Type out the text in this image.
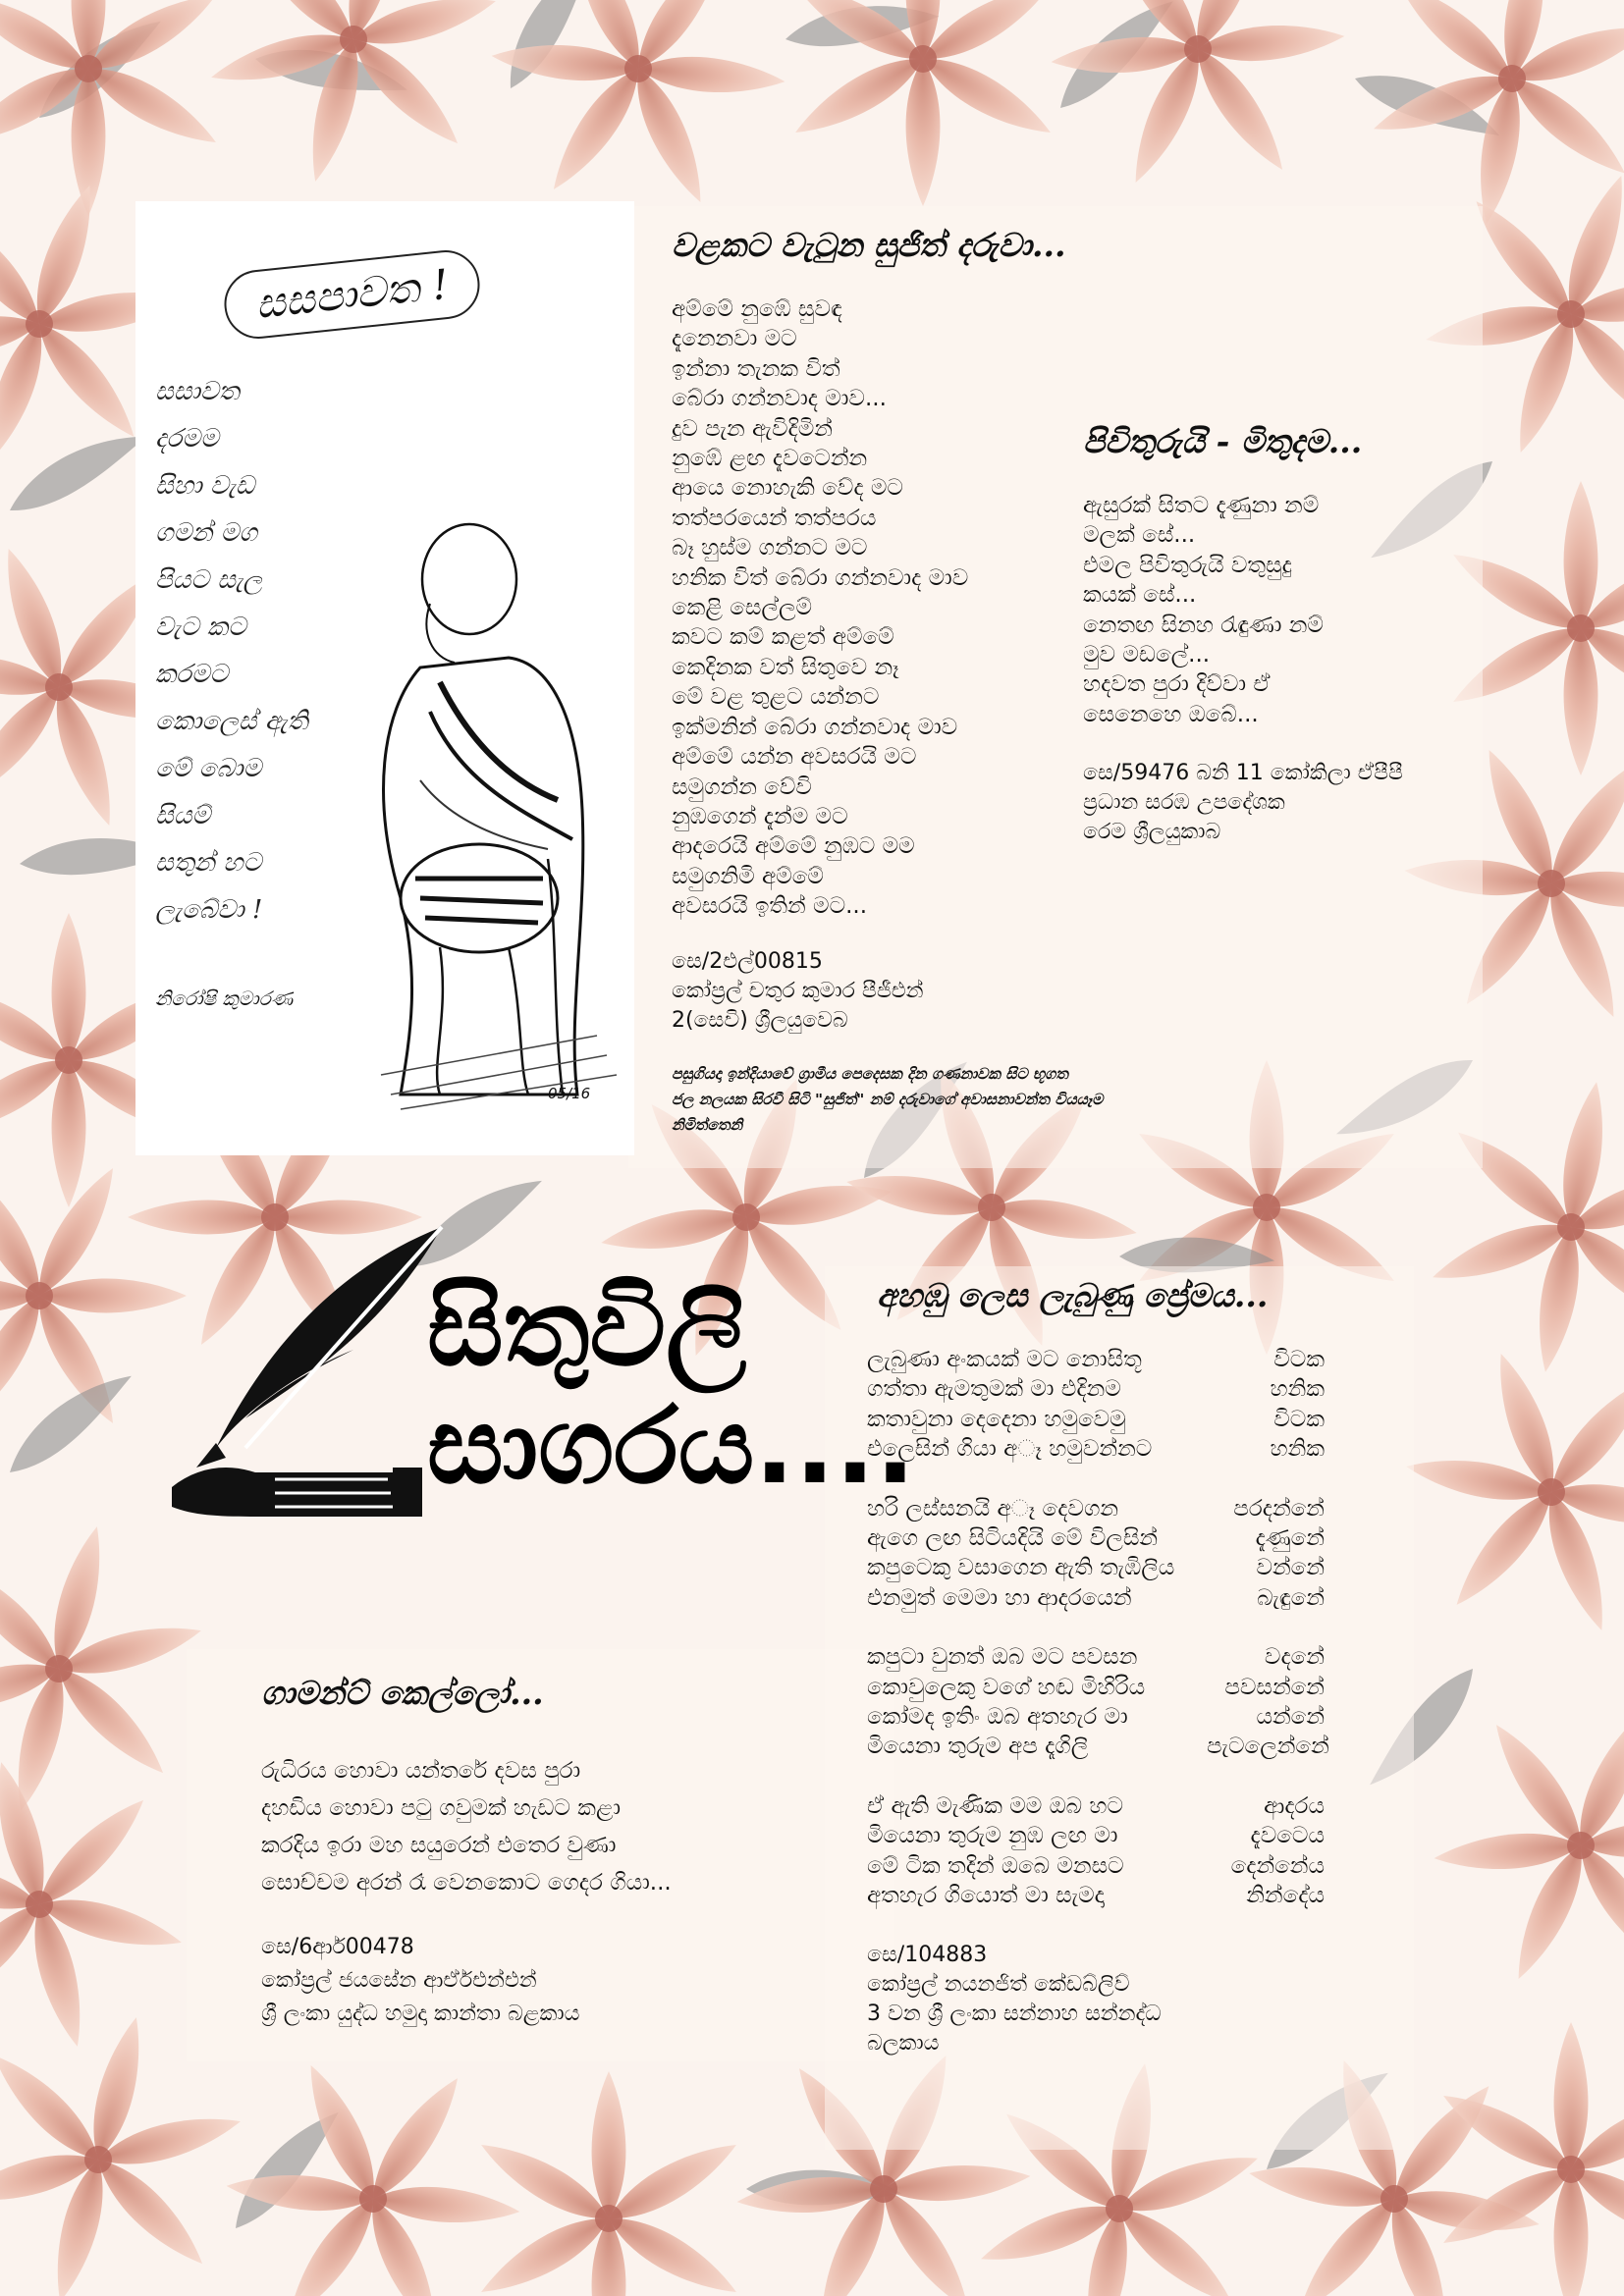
සසපාවත !
සසාවත
දරමම
සිහා වැඩ
ගමන් මග
පියට සැල
වැට කට
කරමට
කොලෙස් ඇති
මේ බොම
සියම්
සතුන් හට
ලැබේවා !
නිරෝෂි කුමාරණ
05/16
වළකට වැටුන සුජිත් දරුවා...
අම්මේ නුඹේ සුවඳ
දැනෙනවා මට
ඉන්නා තැනක විත්
බේරා ගන්නවාද මාව...
දුව පැන ඇවිදිමින්
නුඹේ ළඟ දැවටෙන්න
ආයෙ නොහැකි වේද මට
තත්පරයෙන් තත්පරය
බෑ හුස්ම ගන්නට මට
හනික විත් බේරා ගන්නවාද මාව
කෙළි සෙල්ලම්
කවට කම් කළත් අම්මේ
කෙදිනක වත් සිතුවෙ නෑ
මේ වළ තුළට යන්නට
ඉක්මනින් බේරා ගන්නවාද මාව
අම්මේ යන්න අවසරයි මට
සමුගන්න වේවි
නුඹගෙන් දැන්ම මට
ආදරෙයි අම්මේ නුඹට මම
සමුගනිමි අම්මේ
අවසරයි ඉතින් මට...
සෙ/2එල්00815
කෝප්‍රල් චතුර කුමාර පීජීඑන්
2(සෙවි) ශ්‍රීලයුවෙබ
පසුගියදා ඉන්දියාවේ ග්‍රාමීය පෙදෙසක දින ගණනාවක සිට භූගත
ජල නලයක සිරවී සිටි "සුජිත්" නම් දරුවාගේ අවාසනාවන්ත වියයෑම
නිමිත්තෙනි
පිවිතුරුයි - මිතුදම...
ඇසුරක් සිතට දැණුනා නම්
මලක් සේ...
එමල පිවිතුරුයි වතුසුදු
කයක් සේ...
නෙතඟ සිනහ රැඳුණා නම්
මුව මඩලේ...
හදවත පුරා දිව්වා ඒ
සෙනෙහෙ ඔබේ...
සෙ/59476 බනි 11 කෝකිලා ඒපීපී
ප්‍රධාන සරඹ උපදේශක
රෙම ශ්‍රීලයුකාබ
සිතුවිලි
සාගරය....
අහඹු ලෙස ලැබුණු ප්‍රේමය...
ලැබුණා අංකයක් මට නොසිතූ	විටක
ගත්තා ඇමතුමක් මා එදිනම	හනික
කතාවුනා දෙදෙනා හමුවෙමු	විටක
එලෙසින් ගියා අෑ හමුවන්නට	හනික
හරි ලස්සනයි අෑ දෙවගන	පරදන්නේ
ඇගෙ ලඟ සිටියදියි මේ විලසින්	දැණුනේ
කපුටෙකු වසාගෙන ඇති තැඹිලිය	වන්නේ
එනමුත් මෙමා හා ආදරයෙන්	බැඳුනේ
කපුටා වුනත් ඔබ මට පවසන	වදනේ
කොවුලෙකු වගේ හඬ මිහිරිය	පවසන්නේ
කෝමද ඉතිං ඔබ අතහැර මා	යන්නේ
මියෙනා තුරුම අප දෑගිලි	පැටලෙන්නේ
ඒ ඇති මැණික මම ඔබ හට	ආදරය
මියෙනා තුරුම නුඹ ලඟ මා	දැවටෙය
මේ ටික තදින් ඔබෙ මනසට	දෙන්නේය
අතහැර ගියොත් මා සැමදා	නින්දේය
සෙ/104883
කෝප්‍රල් නයනජිත් කේඩබ්ලිව්
3 වන ශ්‍රී ලංකා සන්නාහ සන්නද්ධ
බලකාය
ගාමන්ට් කෙල්ලෝ...
රුධිරය හොවා යන්තරේ දවස පුරා
දහඩිය හොවා පටු ගවුමක් හැඩට කළා
කරදිය ඉරා මහ සයුරෙන් එතෙර වුණා
සොච්චම අරන් රෑ වෙනකොට ගෙදර ගියා...
සෙ/6ආර්00478
කෝප්‍රල් ජයසේන ආර්ඒඑන්එන්
ශ්‍රී ලංකා යුද්ධ හමුදා කාන්තා බළකාය
